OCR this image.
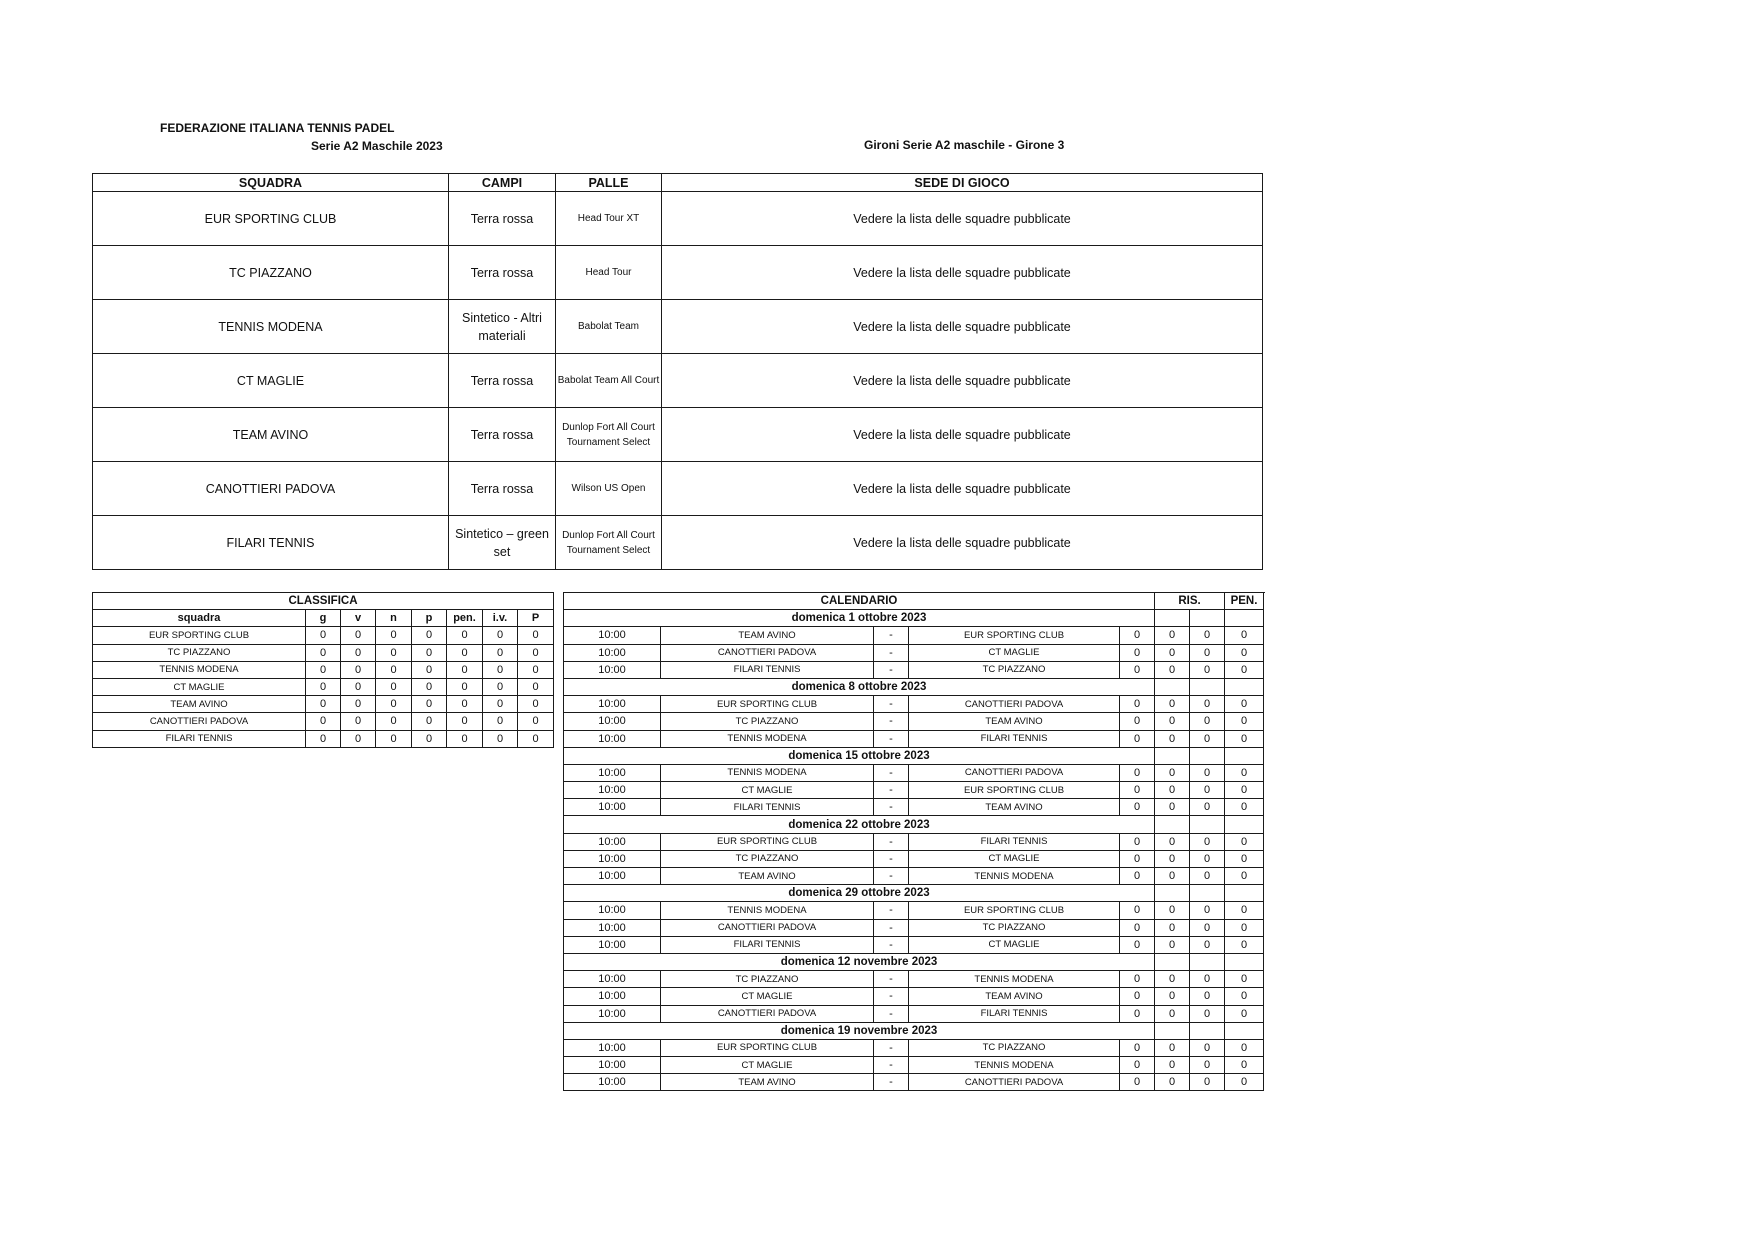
FEDERAZIONE ITALIANA TENNIS PADEL
Serie A2 Maschile 2023	Gironi Serie A2 maschile - Girone 3
SQUADRA	CAMPI	PALLE	SEDE DI GIOCO
EUR SPORTING CLUB	Terra rossa	Head Tour XT	Vedere la lista delle squadre pubblicate
TC PIAZZANO	Terra rossa	Head Tour	Vedere la lista delle squadre pubblicate
TENNIS MODENA	Sintetico - Altri materiali	Babolat Team	Vedere la lista delle squadre pubblicate
CT MAGLIE	Terra rossa	Babolat Team All Court	Vedere la lista delle squadre pubblicate
TEAM AVINO	Terra rossa	Dunlop Fort All Court Tournament Select	Vedere la lista delle squadre pubblicate
CANOTTIERI PADOVA	Terra rossa	Wilson US Open	Vedere la lista delle squadre pubblicate
FILARI TENNIS	Sintetico – green set	Dunlop Fort All Court Tournament Select	Vedere la lista delle squadre pubblicate
CLASSIFICA							
squadra	g	v	n	p	pen.	i.v.	P
EUR SPORTING CLUB	0	0	0	0	0	0	0
TC PIAZZANO	0	0	0	0	0	0	0
TENNIS MODENA	0	0	0	0	0	0	0
CT MAGLIE	0	0	0	0	0	0	0
TEAM AVINO	0	0	0	0	0	0	0
CANOTTIERI PADOVA	0	0	0	0	0	0	0
FILARI TENNIS	0	0	0	0	0	0	0
CALENDARIO					RIS.		PEN.	
domenica 1 ottobre 2023								
10:00	TEAM AVINO	-	EUR SPORTING CLUB	0	0	0	0	
10:00	CANOTTIERI PADOVA	-	CT MAGLIE	0	0	0	0	
10:00	FILARI TENNIS	-	TC PIAZZANO	0	0	0	0	
domenica 8 ottobre 2023								
10:00	EUR SPORTING CLUB	-	CANOTTIERI PADOVA	0	0	0	0	
10:00	TC PIAZZANO	-	TEAM AVINO	0	0	0	0	
10:00	TENNIS MODENA	-	FILARI TENNIS	0	0	0	0	
domenica 15 ottobre 2023								
10:00	TENNIS MODENA	-	CANOTTIERI PADOVA	0	0	0	0	
10:00	CT MAGLIE	-	EUR SPORTING CLUB	0	0	0	0	
10:00	FILARI TENNIS	-	TEAM AVINO	0	0	0	0	
domenica 22 ottobre 2023								
10:00	EUR SPORTING CLUB	-	FILARI TENNIS	0	0	0	0	
10:00	TC PIAZZANO	-	CT MAGLIE	0	0	0	0	
10:00	TEAM AVINO	-	TENNIS MODENA	0	0	0	0	
domenica 29 ottobre 2023								
10:00	TENNIS MODENA	-	EUR SPORTING CLUB	0	0	0	0	
10:00	CANOTTIERI PADOVA	-	TC PIAZZANO	0	0	0	0	
10:00	FILARI TENNIS	-	CT MAGLIE	0	0	0	0	
domenica 12 novembre 2023								
10:00	TC PIAZZANO	-	TENNIS MODENA	0	0	0	0	
10:00	CT MAGLIE	-	TEAM AVINO	0	0	0	0	
10:00	CANOTTIERI PADOVA	-	FILARI TENNIS	0	0	0	0	
domenica 19 novembre 2023								
10:00	EUR SPORTING CLUB	-	TC PIAZZANO	0	0	0	0	
10:00	CT MAGLIE	-	TENNIS MODENA	0	0	0	0	
10:00	TEAM AVINO	-	CANOTTIERI PADOVA	0	0	0	0	
